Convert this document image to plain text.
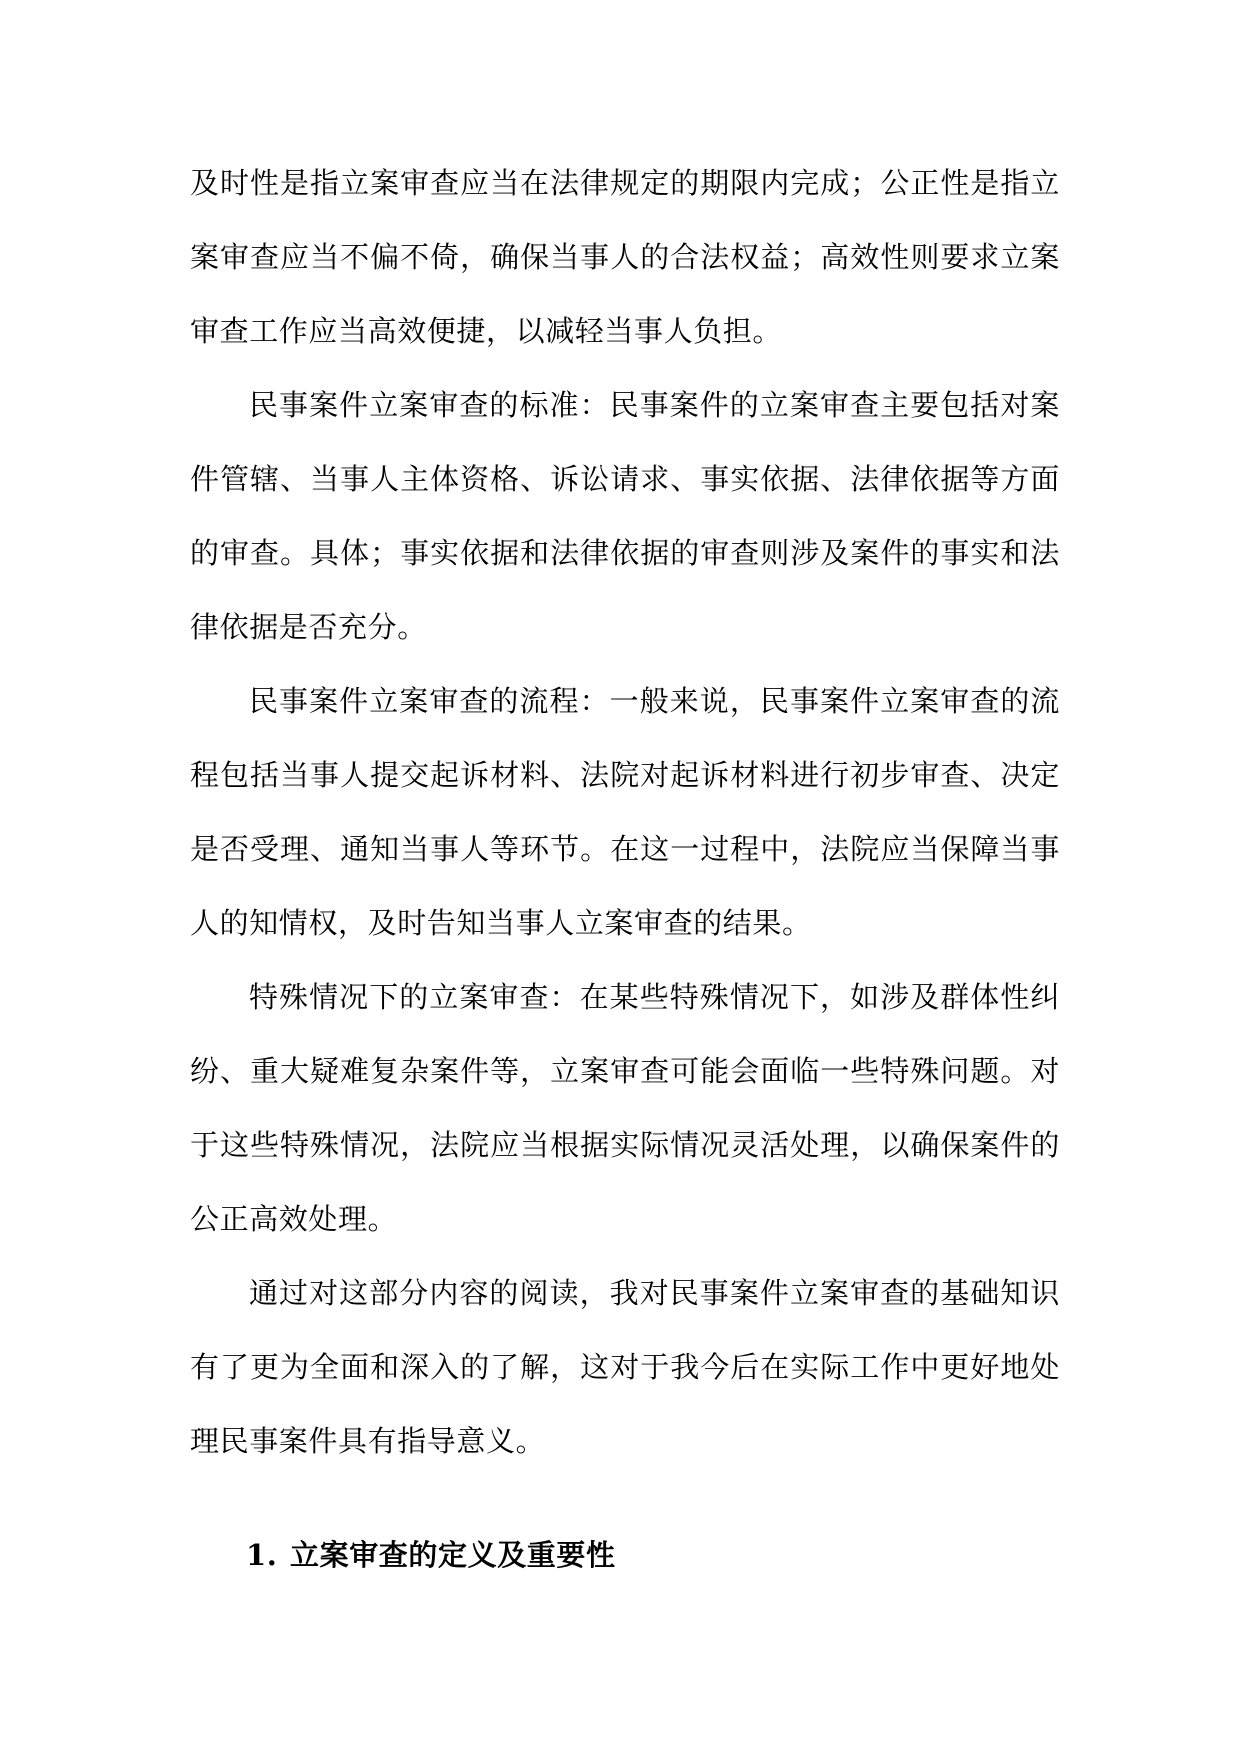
及时性是指立案审查应当在法律规定的期限内完成；公正性是指立案审查应当不偏不倚，确保当事人的合法权益；高效性则要求立案审查工作应当高效便捷，以减轻当事人负担。

民事案件立案审查的标准：民事案件的立案审查主要包括对案件管辖、当事人主体资格、诉讼请求、事实依据、法律依据等方面的审查。具体；事实依据和法律依据的审查则涉及案件的事实和法律依据是否充分。

民事案件立案审查的流程：一般来说，民事案件立案审查的流程包括当事人提交起诉材料、法院对起诉材料进行初步审查、决定是否受理、通知当事人等环节。在这一过程中，法院应当保障当事人的知情权，及时告知当事人立案审查的结果。

特殊情况下的立案审查：在某些特殊情况下，如涉及群体性纠纷、重大疑难复杂案件等，立案审查可能会面临一些特殊问题。对于这些特殊情况，法院应当根据实际情况灵活处理，以确保案件的公正高效处理。

通过对这部分内容的阅读，我对民事案件立案审查的基础知识有了更为全面和深入的了解，这对于我今后在实际工作中更好地处理民事案件具有指导意义。

1. 立案审查的定义及重要性
